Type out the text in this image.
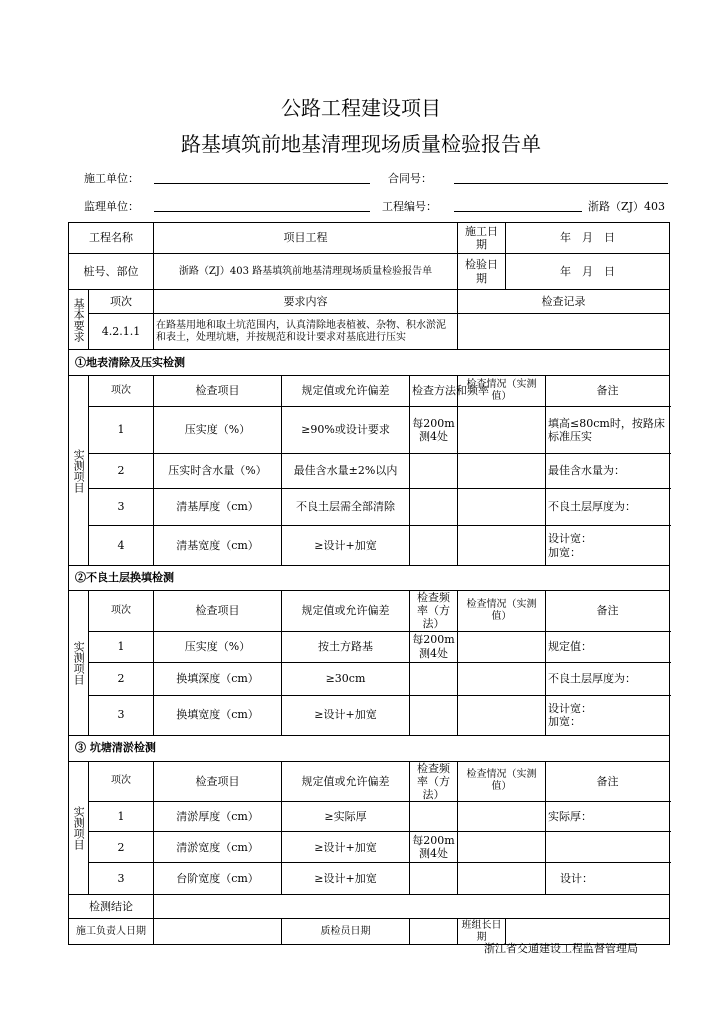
公路工程建设项目
路基填筑前地基清理现场质量检验报告单
施工单位：	合同号：
监理单位：	工程编号：	浙路（ZJ）403
工程名称		项目工程			施工日期	年　月　日	
桩号、部位		浙路（ZJ）403 路基填筑前地基清理现场质量检验报告单			检验日期	年　月　日	
基本要求	项次	要求内容			检查记录		
	4.2.1.1	在路基用地和取土坑范围内，认真清除地表植被、杂物、积水淤泥和表土，处理坑塘，并按规范和设计要求对基底进行压实					
①地表清除及压实检测							
实测项目	项次	检查项目	规定值或允许偏差	检查方法和频率	检查情况（实测值）		备注
	1	压实度（%）	≥90%或设计要求	每200m测4处			填高≤80cm时，按路床标准压实
	2	压实时含水量（%）	最佳含水量±2%以内				最佳含水量为：
	3	清基厚度（cm）	不良土层需全部清除				不良土层厚度为：
	4	清基宽度（cm）	≥设计+加宽				设计宽：
加宽：

②不良土层换填检测							
实测项目	项次	检查项目	规定值或允许偏差	检查频率（方法）	检查情况（实测值）		备注
	1	压实度（%）	按土方路基	每200m测4处			规定值：
	2	换填深度（cm）	≥30cm				不良土层厚度为：
	3	换填宽度（cm）	≥设计+加宽				设计宽：
加宽：

③ 坑塘清淤检测							
实测项目	项次	检查项目	规定值或允许偏差	检查频率（方法）	检查情况（实测值）		备注
	1	清淤厚度（cm）	≥实际厚				实际厚：
	2	清淤宽度（cm）	≥设计+加宽	每200m测4处			
	3	台阶宽度（cm）	≥设计+加宽				设计：
检测结论							
施工负责人日期			质检员日期		班组长日期		
浙江省交通建设工程监督管理局
